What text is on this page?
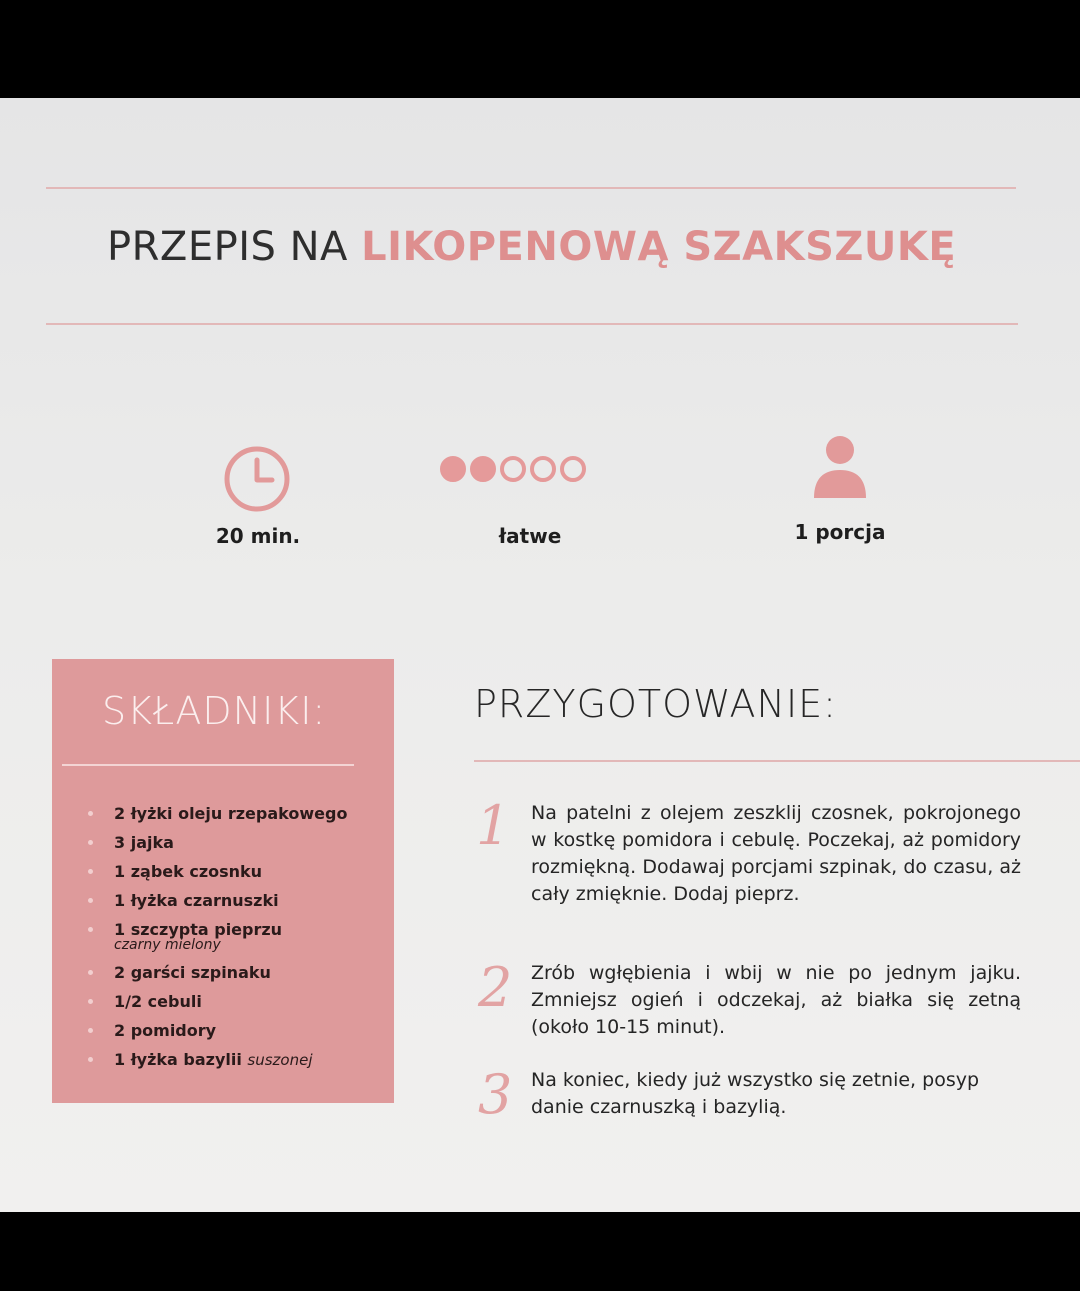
PRZEPIS NA LIKOPENOWĄ SZAKSZUKĘ
20 min.	łatwe	1 porcja
SKŁADNIKI:
2 łyżki oleju rzepakowego
3 jajka
1 ząbek czosnku
1 łyżka czarnuszki
1 szczypta pieprzu
czarny mielony
2 garści szpinaku
1/2 cebuli
2 pomidory
1 łyżka bazylii suszonej
PRZYGOTOWANIE:
1 Na patelni z olejem zeszklij czosnek, pokrojonego w kostkę pomidora i cebulę. Poczekaj, aż pomidory rozmiękną. Dodawaj porcjami szpinak, do czasu, aż cały zmięknie. Dodaj pieprz.
2 Zrób wgłębienia i wbij w nie po jednym jajku. Zmniejsz ogień i odczekaj, aż białka się zetną (około 10-15 minut).
3 Na koniec, kiedy już wszystko się zetnie, posyp danie czarnuszką i bazylią.
